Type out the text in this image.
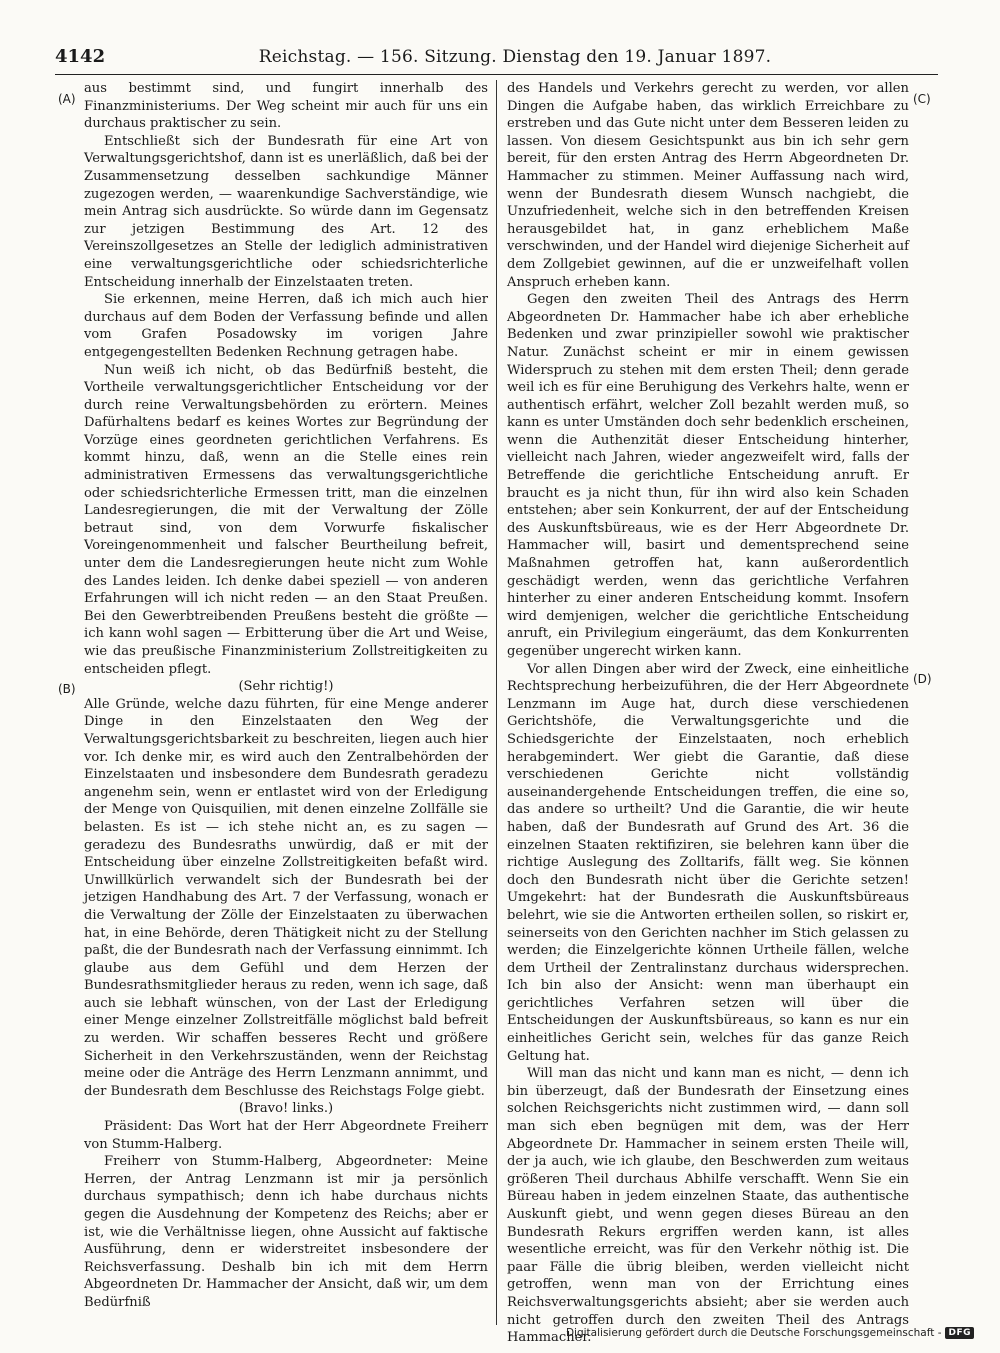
4142	Reichstag. — 156. Sitzung. Dienstag den 19. Januar 1897.
(A)
(B)
(C)
(D)

aus bestimmt sind, und fungirt innerhalb des Finanzministeriums. Der Weg scheint mir auch für uns ein durchaus praktischer zu sein.

Entschließt sich der Bundesrath für eine Art von Verwaltungsgerichtshof, dann ist es unerläßlich, daß bei der Zusammensetzung desselben sachkundige Männer zugezogen werden, — waarenkundige Sachverständige, wie mein Antrag sich ausdrückte. So würde dann im Gegensatz zur jetzigen Bestimmung des Art. 12 des Vereinszollgesetzes an Stelle der lediglich administrativen eine verwaltungsgerichtliche oder schiedsrichterliche Entscheidung innerhalb der Einzelstaaten treten.

Sie erkennen, meine Herren, daß ich mich auch hier durchaus auf dem Boden der Verfassung befinde und allen vom Grafen Posadowsky im vorigen Jahre entgegengestellten Bedenken Rechnung getragen habe.

Nun weiß ich nicht, ob das Bedürfniß besteht, die Vortheile verwaltungsgerichtlicher Entscheidung vor der durch reine Verwaltungsbehörden zu erörtern. Meines Dafürhaltens bedarf es keines Wortes zur Begründung der Vorzüge eines geordneten gerichtlichen Verfahrens. Es kommt hinzu, daß, wenn an die Stelle eines rein administrativen Ermessens das verwaltungsgerichtliche oder schiedsrichterliche Ermessen tritt, man die einzelnen Landesregierungen, die mit der Verwaltung der Zölle betraut sind, von dem Vorwurfe fiskalischer Voreingenommenheit und falscher Beurtheilung befreit, unter dem die Landesregierungen heute nicht zum Wohle des Landes leiden. Ich denke dabei speziell — von anderen Erfahrungen will ich nicht reden — an den Staat Preußen. Bei den Gewerbtreibenden Preußens besteht die größte — ich kann wohl sagen — Erbitterung über die Art und Weise, wie das preußische Finanzministerium Zollstreitigkeiten zu entscheiden pflegt.

(Sehr richtig!)

Alle Gründe, welche dazu führten, für eine Menge anderer Dinge in den Einzelstaaten den Weg der Verwaltungsgerichtsbarkeit zu beschreiten, liegen auch hier vor. Ich denke mir, es wird auch den Zentralbehörden der Einzelstaaten und insbesondere dem Bundesrath geradezu angenehm sein, wenn er entlastet wird von der Erledigung der Menge von Quisquilien, mit denen einzelne Zollfälle sie belasten. Es ist — ich stehe nicht an, es zu sagen — geradezu des Bundesraths unwürdig, daß er mit der Entscheidung über einzelne Zollstreitigkeiten befaßt wird. Unwillkürlich verwandelt sich der Bundesrath bei der jetzigen Handhabung des Art. 7 der Verfassung, wonach er die Verwaltung der Zölle der Einzelstaaten zu überwachen hat, in eine Behörde, deren Thätigkeit nicht zu der Stellung paßt, die der Bundesrath nach der Verfassung einnimmt. Ich glaube aus dem Gefühl und dem Herzen der Bundesrathsmitglieder heraus zu reden, wenn ich sage, daß auch sie lebhaft wünschen, von der Last der Erledigung einer Menge einzelner Zollstreitfälle möglichst bald befreit zu werden. Wir schaffen besseres Recht und größere Sicherheit in den Verkehrszuständen, wenn der Reichstag meine oder die Anträge des Herrn Lenzmann annimmt, und der Bundesrath dem Beschlusse des Reichstags Folge giebt.

(Bravo! links.)

Präsident: Das Wort hat der Herr Abgeordnete Freiherr von Stumm-Halberg.

Freiherr von Stumm-Halberg, Abgeordneter: Meine Herren, der Antrag Lenzmann ist mir ja persönlich durchaus sympathisch; denn ich habe durchaus nichts gegen die Ausdehnung der Kompetenz des Reichs; aber er ist, wie die Verhältnisse liegen, ohne Aussicht auf faktische Ausführung, denn er widerstreitet insbesondere der Reichsverfassung. Deshalb bin ich mit dem Herrn Abgeordneten Dr. Hammacher der Ansicht, daß wir, um dem Bedürfniß

des Handels und Verkehrs gerecht zu werden, vor allen Dingen die Aufgabe haben, das wirklich Erreichbare zu erstreben und das Gute nicht unter dem Besseren leiden zu lassen. Von diesem Gesichtspunkt aus bin ich sehr gern bereit, für den ersten Antrag des Herrn Abgeordneten Dr. Hammacher zu stimmen. Meiner Auffassung nach wird, wenn der Bundesrath diesem Wunsch nachgiebt, die Unzufriedenheit, welche sich in den betreffenden Kreisen herausgebildet hat, in ganz erheblichem Maße verschwinden, und der Handel wird diejenige Sicherheit auf dem Zollgebiet gewinnen, auf die er unzweifelhaft vollen Anspruch erheben kann.

Gegen den zweiten Theil des Antrags des Herrn Abgeordneten Dr. Hammacher habe ich aber erhebliche Bedenken und zwar prinzipieller sowohl wie praktischer Natur. Zunächst scheint er mir in einem gewissen Widerspruch zu stehen mit dem ersten Theil; denn gerade weil ich es für eine Beruhigung des Verkehrs halte, wenn er authentisch erfährt, welcher Zoll bezahlt werden muß, so kann es unter Umständen doch sehr bedenklich erscheinen, wenn die Authenzität dieser Entscheidung hinterher, vielleicht nach Jahren, wieder angezweifelt wird, falls der Betreffende die gerichtliche Entscheidung anruft. Er braucht es ja nicht thun, für ihn wird also kein Schaden entstehen; aber sein Konkurrent, der auf der Entscheidung des Auskunftsbüreaus, wie es der Herr Abgeordnete Dr. Hammacher will, basirt und dementsprechend seine Maßnahmen getroffen hat, kann außerordentlich geschädigt werden, wenn das gerichtliche Verfahren hinterher zu einer anderen Entscheidung kommt. Insofern wird demjenigen, welcher die gerichtliche Entscheidung anruft, ein Privilegium eingeräumt, das dem Konkurrenten gegenüber ungerecht wirken kann.

Vor allen Dingen aber wird der Zweck, eine einheitliche Rechtsprechung herbeizuführen, die der Herr Abgeordnete Lenzmann im Auge hat, durch diese verschiedenen Gerichtshöfe, die Verwaltungsgerichte und die Schiedsgerichte der Einzelstaaten, noch erheblich herabgemindert. Wer giebt die Garantie, daß diese verschiedenen Gerichte nicht vollständig auseinandergehende Entscheidungen treffen, die eine so, das andere so urtheilt? Und die Garantie, die wir heute haben, daß der Bundesrath auf Grund des Art. 36 die einzelnen Staaten rektifiziren, sie belehren kann über die richtige Auslegung des Zolltarifs, fällt weg. Sie können doch den Bundesrath nicht über die Gerichte setzen! Umgekehrt: hat der Bundesrath die Auskunftsbüreaus belehrt, wie sie die Antworten ertheilen sollen, so riskirt er, seinerseits von den Gerichten nachher im Stich gelassen zu werden; die Einzelgerichte können Urtheile fällen, welche dem Urtheil der Zentralinstanz durchaus widersprechen. Ich bin also der Ansicht: wenn man überhaupt ein gerichtliches Verfahren setzen will über die Entscheidungen der Auskunftsbüreaus, so kann es nur ein einheitliches Gericht sein, welches für das ganze Reich Geltung hat.

Will man das nicht und kann man es nicht, — denn ich bin überzeugt, daß der Bundesrath der Einsetzung eines solchen Reichsgerichts nicht zustimmen wird, — dann soll man sich eben begnügen mit dem, was der Herr Abgeordnete Dr. Hammacher in seinem ersten Theile will, der ja auch, wie ich glaube, den Beschwerden zum weitaus größeren Theil durchaus Abhilfe verschafft. Wenn Sie ein Büreau haben in jedem einzelnen Staate, das authentische Auskunft giebt, und wenn gegen dieses Büreau an den Bundesrath Rekurs ergriffen werden kann, ist alles wesentliche erreicht, was für den Verkehr nöthig ist. Die paar Fälle die übrig bleiben, werden vielleicht nicht getroffen, wenn man von der Errichtung eines Reichsverwaltungsgerichts absieht; aber sie werden auch nicht getroffen durch den zweiten Theil des Antrags Hammacher.

Digitalisierung gefördert durch die Deutsche Forschungsgemeinschaft - DFG
